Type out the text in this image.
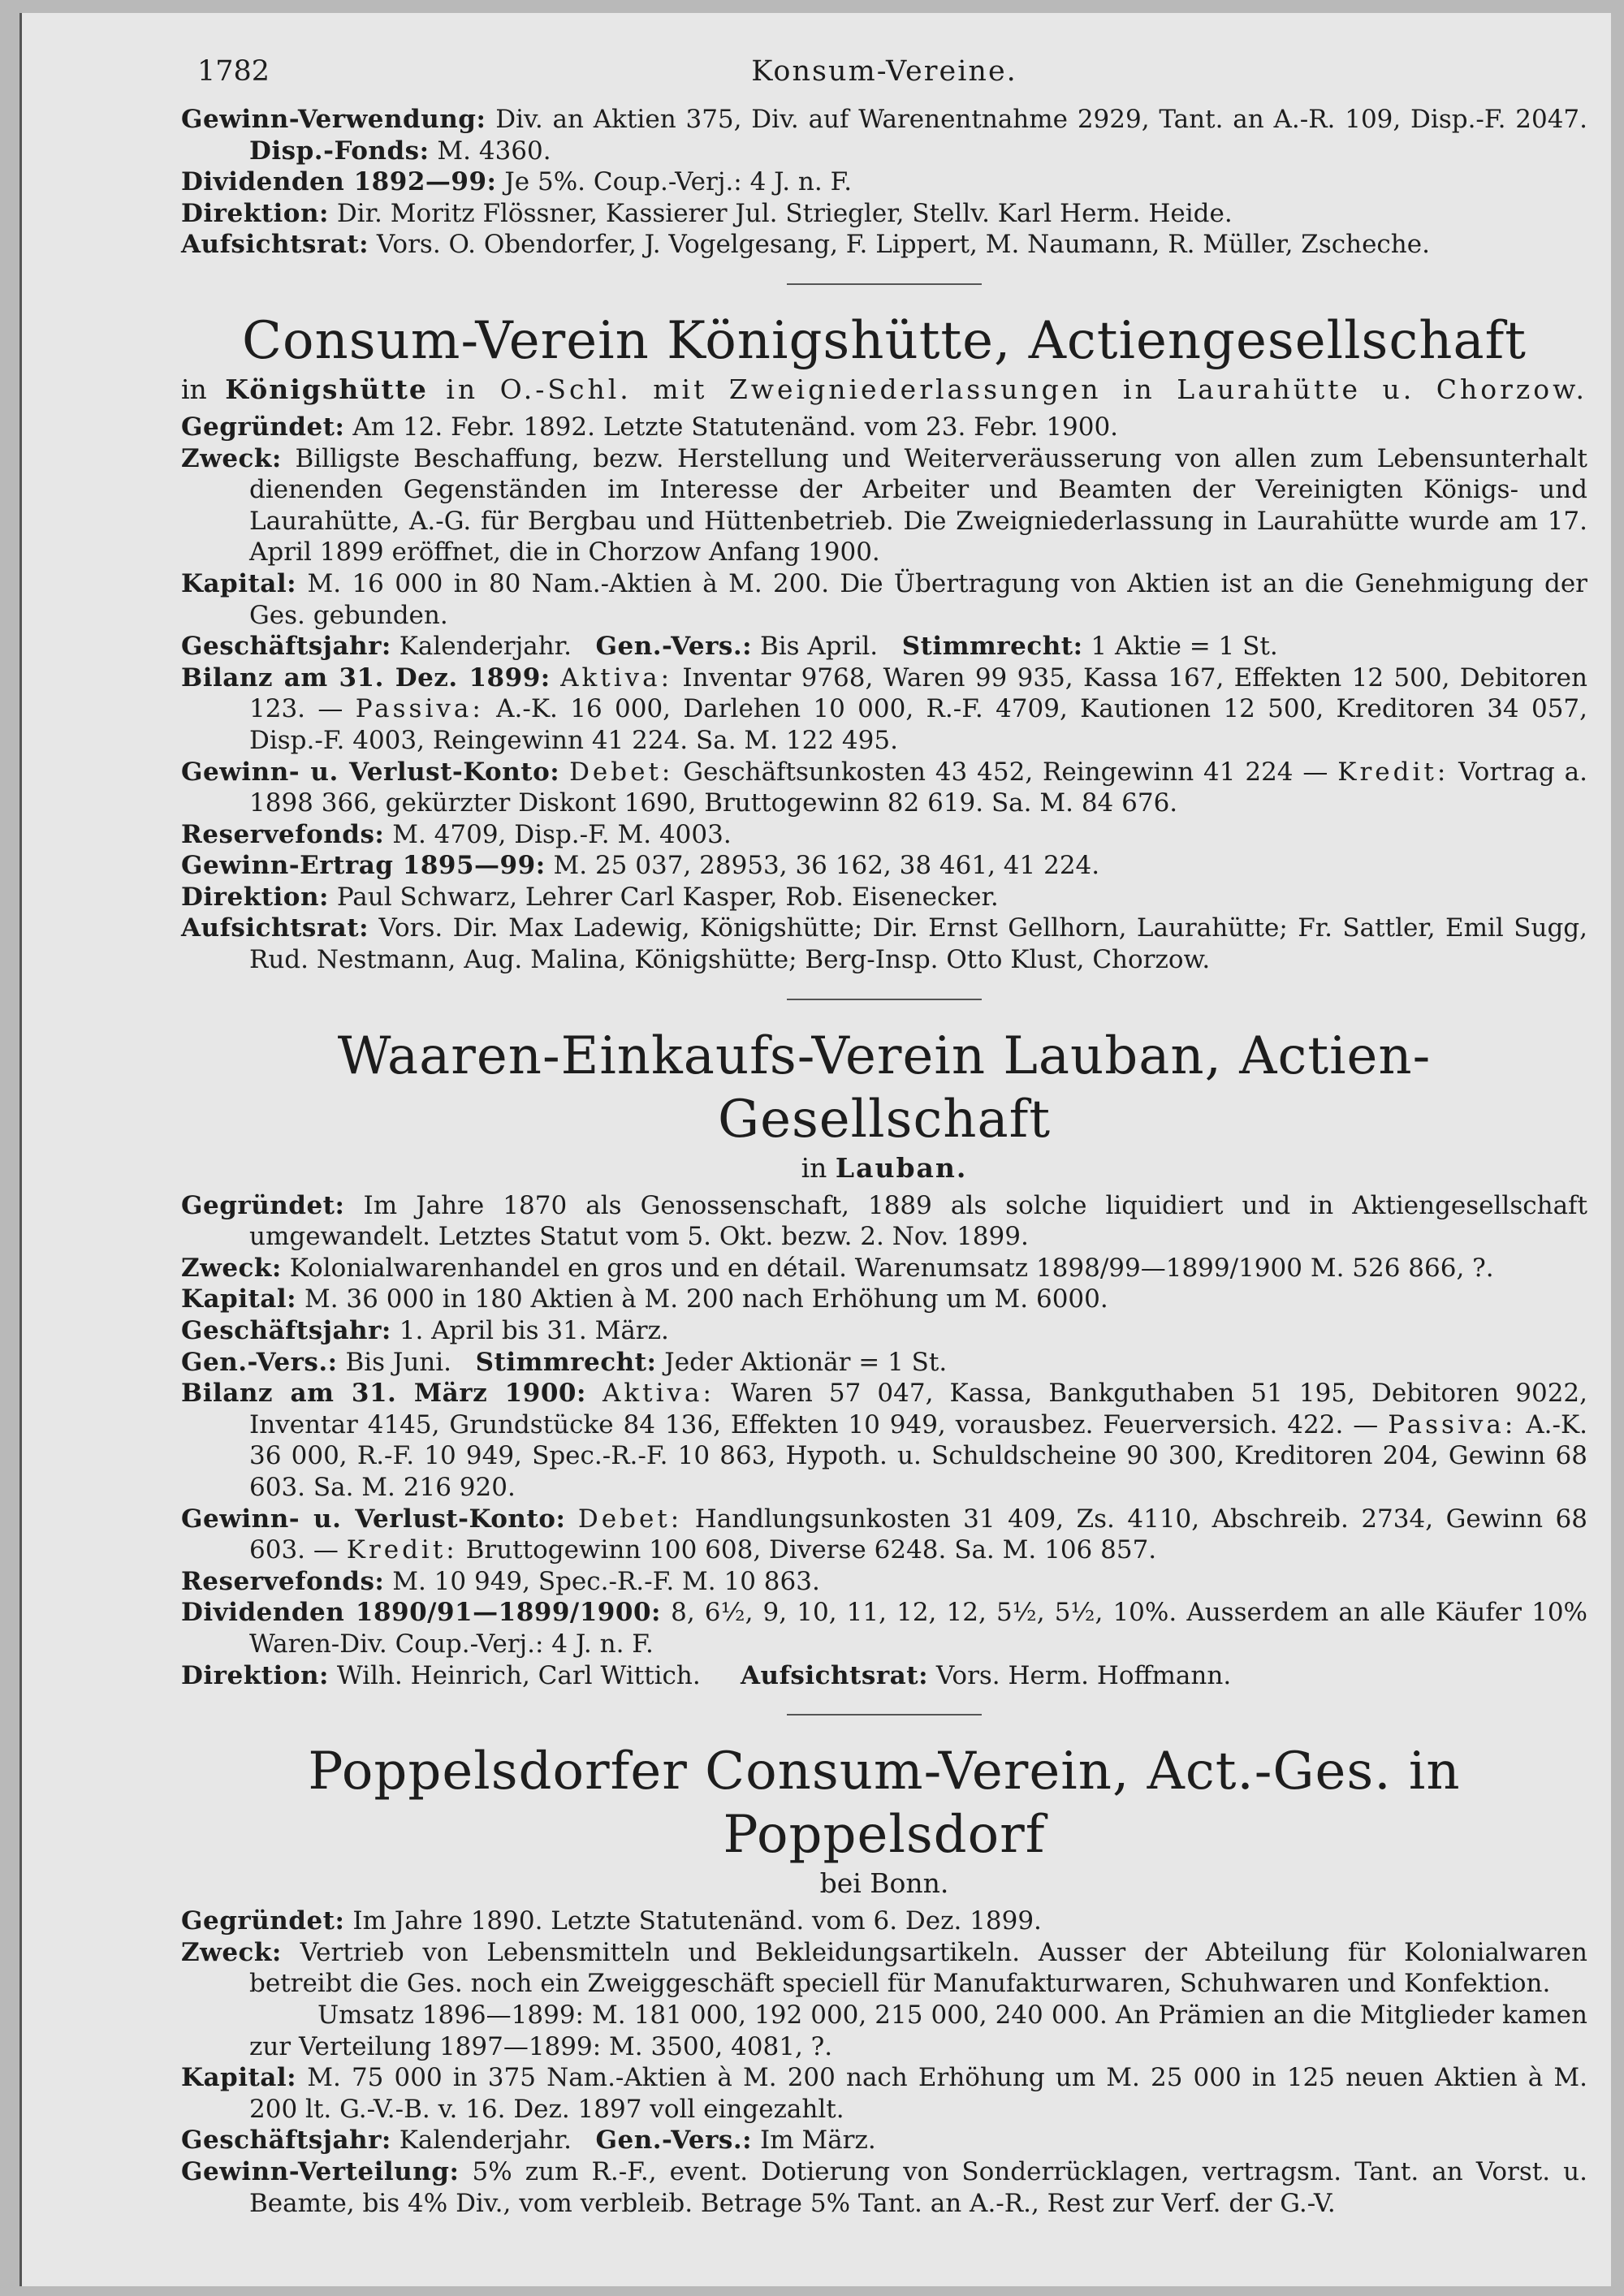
1782	Konsum-Vereine.

Gewinn-Verwendung: Div. an Aktien 375, Div. auf Warenentnahme 2929, Tant. an A.-R. 109, Disp.-F. 2047. Disp.-Fonds: M. 4360.

Dividenden 1892—99: Je 5%. Coup.-Verj.: 4 J. n. F.

Direktion: Dir. Moritz Flössner, Kassierer Jul. Striegler, Stellv. Karl Herm. Heide.

Aufsichtsrat: Vors. O. Obendorfer, J. Vogelgesang, F. Lippert, M. Naumann, R. Müller, Zscheche.

Consum-Verein Königshütte, Actiengesellschaft

in Königshütte in O.-Schl. mit Zweigniederlassungen in Laurahütte u. Chorzow.

Gegründet: Am 12. Febr. 1892. Letzte Statutenänd. vom 23. Febr. 1900.

Zweck: Billigste Beschaffung, bezw. Herstellung und Weiterveräusserung von allen zum Lebensunterhalt dienenden Gegenständen im Interesse der Arbeiter und Beamten der Vereinigten Königs- und Laurahütte, A.-G. für Bergbau und Hüttenbetrieb. Die Zweigniederlassung in Laurahütte wurde am 17. April 1899 eröffnet, die in Chorzow Anfang 1900.

Kapital: M. 16 000 in 80 Nam.-Aktien à M. 200. Die Übertragung von Aktien ist an die Genehmigung der Ges. gebunden.

Geschäftsjahr: Kalenderjahr. Gen.-Vers.: Bis April. Stimmrecht: 1 Aktie = 1 St.

Bilanz am 31. Dez. 1899: Aktiva: Inventar 9768, Waren 99 935, Kassa 167, Effekten 12 500, Debitoren 123. — Passiva: A.-K. 16 000, Darlehen 10 000, R.-F. 4709, Kautionen 12 500, Kreditoren 34 057, Disp.-F. 4003, Reingewinn 41 224. Sa. M. 122 495.

Gewinn- u. Verlust-Konto: Debet: Geschäftsunkosten 43 452, Reingewinn 41 224 — Kredit: Vortrag a. 1898 366, gekürzter Diskont 1690, Bruttogewinn 82 619. Sa. M. 84 676.

Reservefonds: M. 4709, Disp.-F. M. 4003.

Gewinn-Ertrag 1895—99: M. 25 037, 28953, 36 162, 38 461, 41 224.

Direktion: Paul Schwarz, Lehrer Carl Kasper, Rob. Eisenecker.

Aufsichtsrat: Vors. Dir. Max Ladewig, Königshütte; Dir. Ernst Gellhorn, Laurahütte; Fr. Sattler, Emil Sugg, Rud. Nestmann, Aug. Malina, Königshütte; Berg-Insp. Otto Klust, Chorzow.

Waaren-Einkaufs-Verein Lauban, Actien-Gesellschaft

in Lauban.

Gegründet: Im Jahre 1870 als Genossenschaft, 1889 als solche liquidiert und in Aktiengesellschaft umgewandelt. Letztes Statut vom 5. Okt. bezw. 2. Nov. 1899.

Zweck: Kolonialwarenhandel en gros und en détail. Warenumsatz 1898/99—1899/1900 M. 526 866, ?.

Kapital: M. 36 000 in 180 Aktien à M. 200 nach Erhöhung um M. 6000.

Geschäftsjahr: 1. April bis 31. März.

Gen.-Vers.: Bis Juni. Stimmrecht: Jeder Aktionär = 1 St.

Bilanz am 31. März 1900: Aktiva: Waren 57 047, Kassa, Bankguthaben 51 195, Debitoren 9022, Inventar 4145, Grundstücke 84 136, Effekten 10 949, vorausbez. Feuerversich. 422. — Passiva: A.-K. 36 000, R.-F. 10 949, Spec.-R.-F. 10 863, Hypoth. u. Schuldscheine 90 300, Kreditoren 204, Gewinn 68 603. Sa. M. 216 920.

Gewinn- u. Verlust-Konto: Debet: Handlungsunkosten 31 409, Zs. 4110, Abschreib. 2734, Gewinn 68 603. — Kredit: Bruttogewinn 100 608, Diverse 6248. Sa. M. 106 857.

Reservefonds: M. 10 949, Spec.-R.-F. M. 10 863.

Dividenden 1890/91—1899/1900: 8, 6½, 9, 10, 11, 12, 12, 5½, 5½, 10%. Ausserdem an alle Käufer 10% Waren-Div. Coup.-Verj.: 4 J. n. F.

Direktion: Wilh. Heinrich, Carl Wittich. Aufsichtsrat: Vors. Herm. Hoffmann.

Poppelsdorfer Consum-Verein, Act.-Ges. in Poppelsdorf

bei Bonn.

Gegründet: Im Jahre 1890. Letzte Statutenänd. vom 6. Dez. 1899.

Zweck: Vertrieb von Lebensmitteln und Bekleidungsartikeln. Ausser der Abteilung für Kolonialwaren betreibt die Ges. noch ein Zweiggeschäft speciell für Manufakturwaren, Schuhwaren und Konfektion.

Umsatz 1896—1899: M. 181 000, 192 000, 215 000, 240 000. An Prämien an die Mitglieder kamen zur Verteilung 1897—1899: M. 3500, 4081, ?.

Kapital: M. 75 000 in 375 Nam.-Aktien à M. 200 nach Erhöhung um M. 25 000 in 125 neuen Aktien à M. 200 lt. G.-V.-B. v. 16. Dez. 1897 voll eingezahlt.

Geschäftsjahr: Kalenderjahr. Gen.-Vers.: Im März.

Gewinn-Verteilung: 5% zum R.-F., event. Dotierung von Sonderrücklagen, vertragsm. Tant. an Vorst. u. Beamte, bis 4% Div., vom verbleib. Betrage 5% Tant. an A.-R., Rest zur Verf. der G.-V.
